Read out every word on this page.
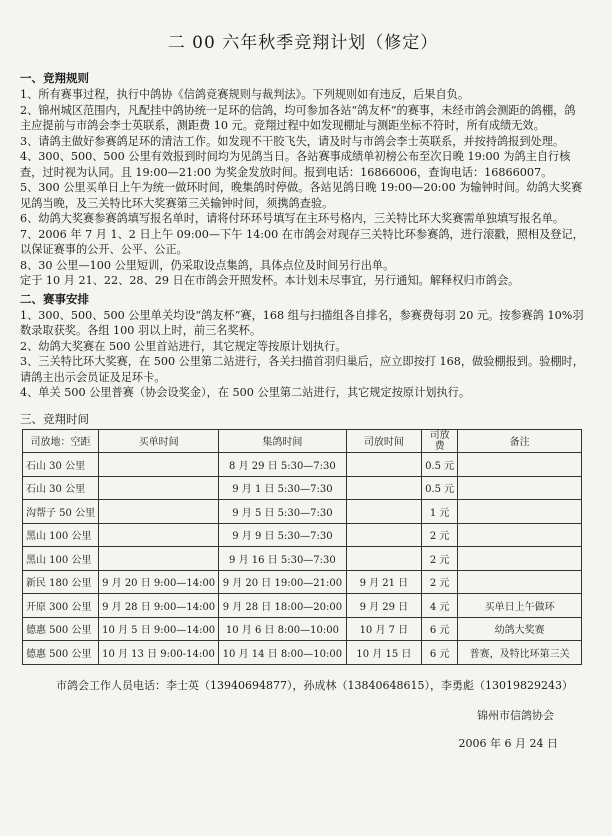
二 00 六年秋季竞翔计划（修定）
一、竞翔规则

1、所有赛事过程，执行中鸽协《信鸽竞赛规则与裁判法》。下列规则如有违反，后果自负。

2、锦州城区范围内，凡配挂中鸽协统一足环的信鸽，均可参加各站“鸽友杯”的赛事，未经市鸽会测距的鸽棚，鸽主应提前与市鸽会李士英联系，测距费 10 元。竞翔过程中如发现棚址与测距坐标不符时，所有成绩无效。

3、请鸽主做好参赛鸽足环的清洁工作。如发现不干胶飞失，请及时与市鸽会李士英联系，并按持鸽报到处理。

4、300、500、500 公里有效报到时间均为见鸽当日。各站赛事成绩单初榜公布至次日晚 19:00 为鸽主自行核查，过时视为认同。且 19:00—21:00 为奖金发放时间。报到电话：16866006，查询电话：16866007。

5、300 公里买单日上午为统一做环时间，晚集鸽时停做。各站见鸽日晚 19:00—20:00 为输钟时间。幼鸽大奖赛见鸽当晚，及三关特比环大奖赛第三关输钟时间，须携鸽查验。

6、幼鸽大奖赛参赛鸽填写报名单时，请将付环环号填写在主环号格内，三关特比环大奖赛需单独填写报名单。

7、2006 年 7 月 1、2 日上午 09:00—下午 14:00 在市鸽会对现存三关特比环参赛鸽，进行滚戳，照相及登记，以保证赛事的公开、公平、公正。

8、30 公里—100 公里短训，仍采取设点集鸽，具体点位及时间另行出单。

定于 10 月 21、22、28、29 日在市鸽会开照发杯。本计划未尽事宜，另行通知。解释权归市鸽会。

二、赛事安排

1、300、500、500 公里单关均设“鸽友杯”赛，168 组与扫描组各自排名，参赛费每羽 20 元。按参赛鸽 10%羽数录取获奖。各组 100 羽以上时，前三名奖杯。

2、幼鸽大奖赛在 500 公里首站进行，其它规定等按原计划执行。

3、三关特比环大奖赛，在 500 公里第二站进行，各关扫描首羽归巢后，应立即按打 168，做验棚报到。验棚时，请鸽主出示会员证及足环卡。

4、单关 500 公里普赛（协会设奖金），在 500 公里第二站进行，其它规定按原计划执行。

三、竞翔时间
司放地：空距	买单时间	集鸽时间	司放时间	司放费	备注
石山 30 公里		8 月 29 日 5:30—7:30		0.5 元	
石山 30 公里		9 月 1 日 5:30—7:30		0.5 元	
沟帮子 50 公里		9 月 5 日 5:30—7:30		1 元	
黑山 100 公里		9 月 9 日 5:30—7:30		2 元	
黑山 100 公里		9 月 16 日 5:30—7:30		2 元	
新民 180 公里	9 月 20 日 9:00—14:00	9 月 20 日 19:00—21:00	9 月 21 日	2 元	
开原 300 公里	9 月 28 日 9:00—14:00	9 月 28 日 18:00—20:00	9 月 29 日	4 元	买单日上午做环
德惠 500 公里	10 月 5 日 9:00—14:00	10 月 6 日 8:00—10:00	10 月 7 日	6 元	幼鸽大奖赛
德惠 500 公里	10 月 13 日 9:00-14:00	10 月 14 日 8:00—10:00	10 月 15 日	6 元	普赛，及特比环第三关
市鸽会工作人员电话：李士英（13940694877），孙成林（13840648615），李勇彪（13019829243）
锦州市信鸽协会
2006 年 6 月 24 日
